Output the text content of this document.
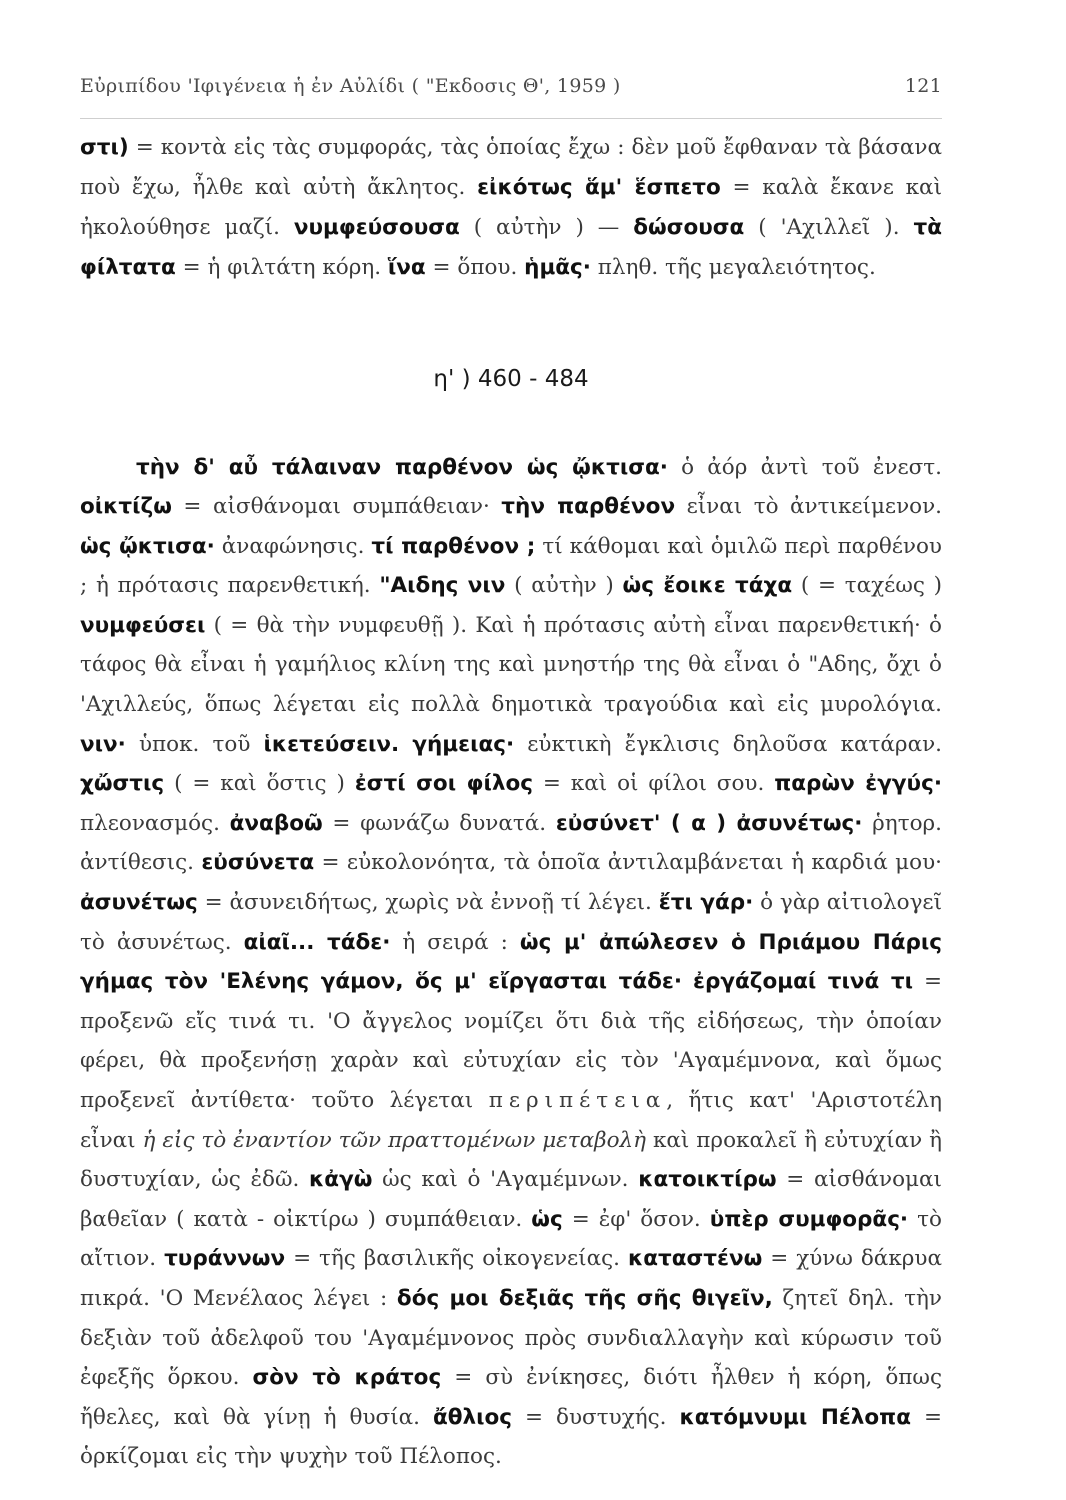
Εὐριπίδου 'Ιφιγένεια ἡ ἐν Αὐλίδι ( "Εκδοσις Θ', 1959 )	121

στι) = κοντὰ εἰς τὰς συμφοράς, τὰς ὁποίας ἔχω : δὲν μοῦ ἔφθαναν τὰ βάσανα ποὺ ἔχω, ἦλθε καὶ αὐτὴ ἄκλητος. εἰκότως ἅμ' ἕσπετο = καλὰ ἔκανε καὶ ἠκολούθησε μαζί. νυμφεύσουσα ( αὐτὴν ) — δώσουσα ( 'Αχιλλεῖ ). τὰ φίλτατα = ἡ φιλτάτη κόρη. ἵνα = ὅπου. ἡμᾶς· πληθ. τῆς μεγαλειότητος.

η' ) 460 - 484

τὴν δ' αὖ τάλαιναν παρθένον ὡς ᾤκτισα· ὁ ἀόρ ἀντὶ τοῦ ἐνεστ. οἰκτίζω = αἰσθάνομαι συμπάθειαν· τὴν παρθένον εἶναι τὸ ἀντικείμενον. ὡς ᾤκτισα· ἀναφώνησις. τί παρθένον ; τί κάθομαι καὶ ὁμιλῶ περὶ παρθένου ; ἡ πρότασις παρενθετική. "Αιδης νιν ( αὐτὴν ) ὡς ἔοικε τάχα ( = ταχέως ) νυμφεύσει ( = θὰ τὴν νυμφευθῇ ). Καὶ ἡ πρότασις αὐτὴ εἶναι παρενθετική· ὁ τάφος θὰ εἶναι ἡ γαμήλιος κλίνη της καὶ μνηστήρ της θὰ εἶναι ὁ "Αδης, ὄχι ὁ 'Αχιλλεύς, ὅπως λέγεται εἰς πολλὰ δημοτικὰ τραγούδια καὶ εἰς μυρολόγια. νιν· ὑποκ. τοῦ ἱκετεύσειν. γήμειας· εὐκτικὴ ἔγκλισις δηλοῦσα κατάραν. χὤστις ( = καὶ ὅστις ) ἐστί σοι φίλος = καὶ οἱ φίλοι σου. παρὼν ἐγγύς· πλεονασμός. ἀναβοῶ = φωνάζω δυνατά. εὐσύνετ' ( α ) ἀσυνέτως· ῥητορ. ἀντίθεσις. εὐσύνετα = εὐκολονόητα, τὰ ὁποῖα ἀντιλαμβάνεται ἡ καρδιά μου· ἀσυνέτως = ἀσυνειδήτως, χωρὶς νὰ ἐννοῇ τί λέγει. ἔτι γάρ· ὁ γὰρ αἰτιολογεῖ τὸ ἀσυνέτως. αἰαῖ... τάδε· ἡ σειρά : ὡς μ' ἀπώλεσεν ὁ Πριάμου Πάρις γήμας τὸν 'Ελένης γάμον, ὅς μ' εἴργασται τάδε· ἐργάζομαί τινά τι = προξενῶ εἴς τινά τι. 'Ο ἄγγελος νομίζει ὅτι διὰ τῆς εἰδήσεως, τὴν ὁποίαν φέρει, θὰ προξενήσῃ χαρὰν καὶ εὐτυχίαν εἰς τὸν 'Αγαμέμνονα, καὶ ὅμως προξενεῖ ἀντίθετα· τοῦτο λέγεται περιπέτεια, ἥτις κατ' 'Αριστοτέλη εἶναι ἡ εἰς τὸ ἐναντίον τῶν πραττομένων μεταβολὴ καὶ προκαλεῖ ἢ εὐτυχίαν ἢ δυστυχίαν, ὡς ἐδῶ. κἀγὼ ὡς καὶ ὁ 'Αγαμέμνων. κατοικτίρω = αἰσθάνομαι βαθεῖαν ( κατὰ - οἰκτίρω ) συμπάθειαν. ὡς = ἐφ' ὅσον. ὑπὲρ συμφορᾶς· τὸ αἴτιον. τυράννων = τῆς βασιλικῆς οἰκογενείας. καταστένω = χύνω δάκρυα πικρά. 'Ο Μενέλαος λέγει : δός μοι δεξιᾶς τῆς σῆς θιγεῖν, ζητεῖ δηλ. τὴν δεξιὰν τοῦ ἀδελφοῦ του 'Αγαμέμνονος πρὸς συνδιαλλαγὴν καὶ κύρωσιν τοῦ ἐφεξῆς ὅρκου. σὸν τὸ κράτος = σὺ ἐνίκησες, διότι ἦλθεν ἡ κόρη, ὅπως ἤθελες, καὶ θὰ γίνῃ ἡ θυσία. ἄθλιος = δυστυχής. κατόμνυμι Πέλοπα = ὁρκίζομαι εἰς τὴν ψυχὴν τοῦ Πέλοπος.
